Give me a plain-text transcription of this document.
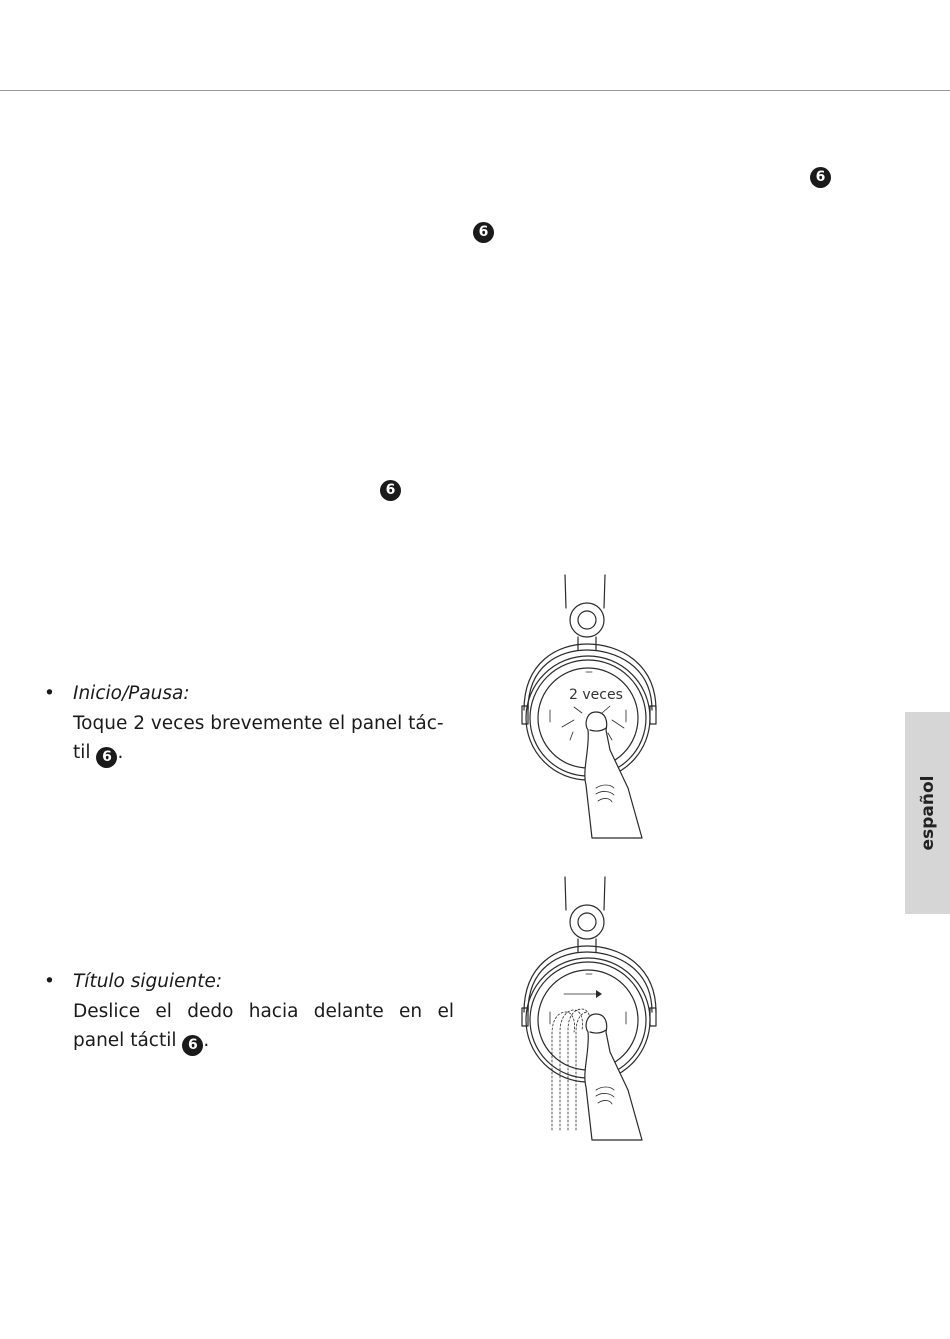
6
6
6
• Inicio/Pausa:
Toque 2 veces brevemente el panel tác-
til 6 .
• Título siguiente:
Deslice el dedo hacia delante en el
panel táctil 6 .
2 veces
español
